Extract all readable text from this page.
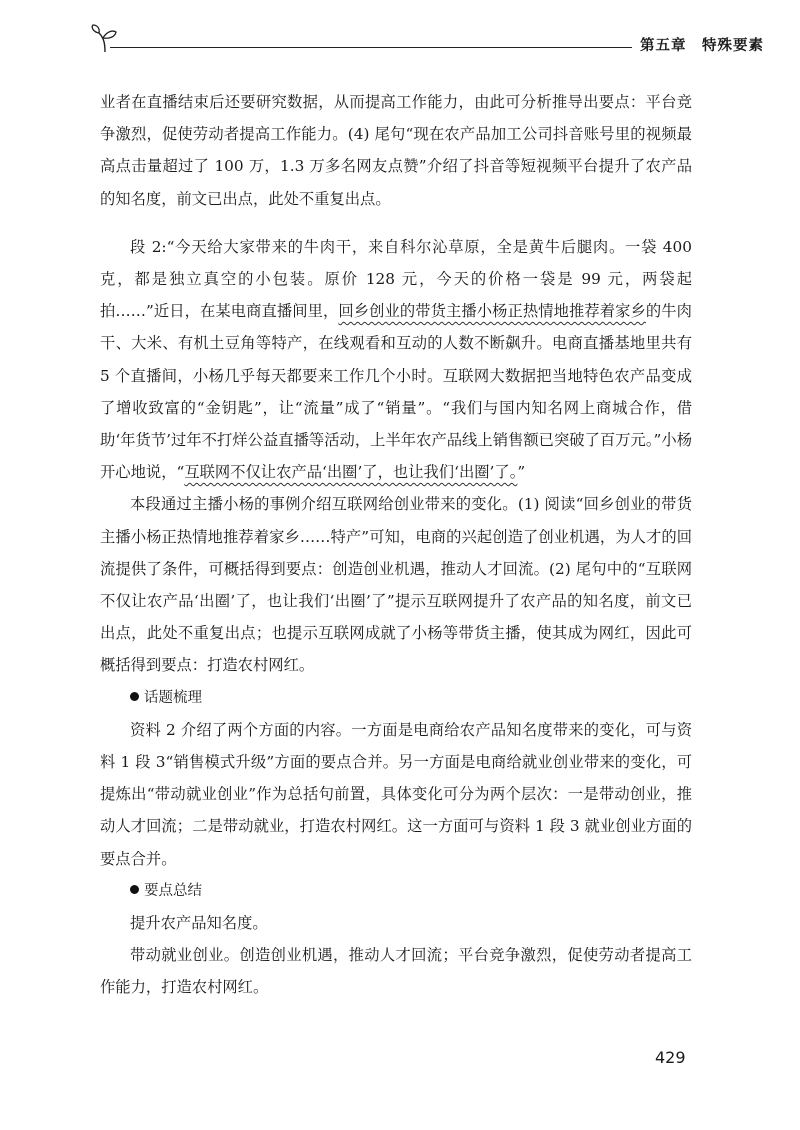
第五章　特殊要素

业者在直播结束后还要研究数据，从而提高工作能力，由此可分析推导出要点：平台竞争激烈，促使劳动者提高工作能力。(4) 尾句“现在农产品加工公司抖音账号里的视频最高点击量超过了 100 万，1.3 万多名网友点赞”介绍了抖音等短视频平台提升了农产品的知名度，前文已出点，此处不重复出点。

段 2:“今天给大家带来的牛肉干，来自科尔沁草原，全是黄牛后腿肉。一袋 400 克，都是独立真空的小包装。原价 128 元，今天的价格一袋是 99 元，两袋起拍……”近日，在某电商直播间里，回乡创业的带货主播小杨正热情地推荐着家乡的牛肉干、大米、有机土豆角等特产，在线观看和互动的人数不断飙升。电商直播基地里共有 5 个直播间，小杨几乎每天都要来工作几个小时。互联网大数据把当地特色农产品变成了增收致富的“金钥匙”，让“流量”成了“销量”。“我们与国内知名网上商城合作，借助‘年货节’过年不打烊公益直播等活动，上半年农产品线上销售额已突破了百万元。”小杨开心地说，“互联网不仅让农产品‘出圈’了，也让我们‘出圈’了。”

本段通过主播小杨的事例介绍互联网给创业带来的变化。(1) 阅读“回乡创业的带货主播小杨正热情地推荐着家乡……特产”可知，电商的兴起创造了创业机遇，为人才的回流提供了条件，可概括得到要点：创造创业机遇，推动人才回流。(2) 尾句中的“互联网不仅让农产品‘出圈’了，也让我们‘出圈’了”提示互联网提升了农产品的知名度，前文已出点，此处不重复出点；也提示互联网成就了小杨等带货主播，使其成为网红，因此可概括得到要点：打造农村网红。

话题梳理

资料 2 介绍了两个方面的内容。一方面是电商给农产品知名度带来的变化，可与资料 1 段 3“销售模式升级”方面的要点合并。另一方面是电商给就业创业带来的变化，可提炼出“带动就业创业”作为总括句前置，具体变化可分为两个层次：一是带动创业，推动人才回流；二是带动就业，打造农村网红。这一方面可与资料 1 段 3 就业创业方面的要点合并。

要点总结

提升农产品知名度。

带动就业创业。创造创业机遇，推动人才回流；平台竞争激烈，促使劳动者提高工作能力，打造农村网红。

429
